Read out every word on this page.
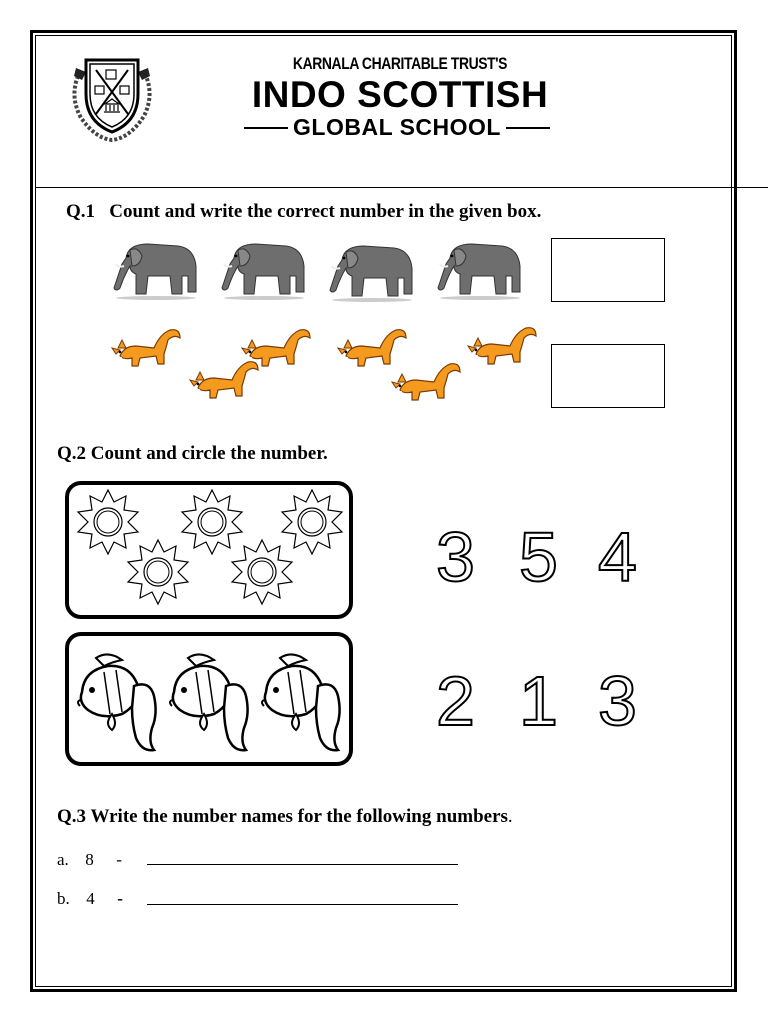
KARNALA CHARITABLE TRUST'S
INDO SCOTTISH
GLOBAL SCHOOL
Q.1 Count and write the correct number in the given box.
Q.2 Count and circle the number.
3 5 4
2 1 3
Q.3 Write the number names for the following numbers.
a. 8 -
b. 4 -
